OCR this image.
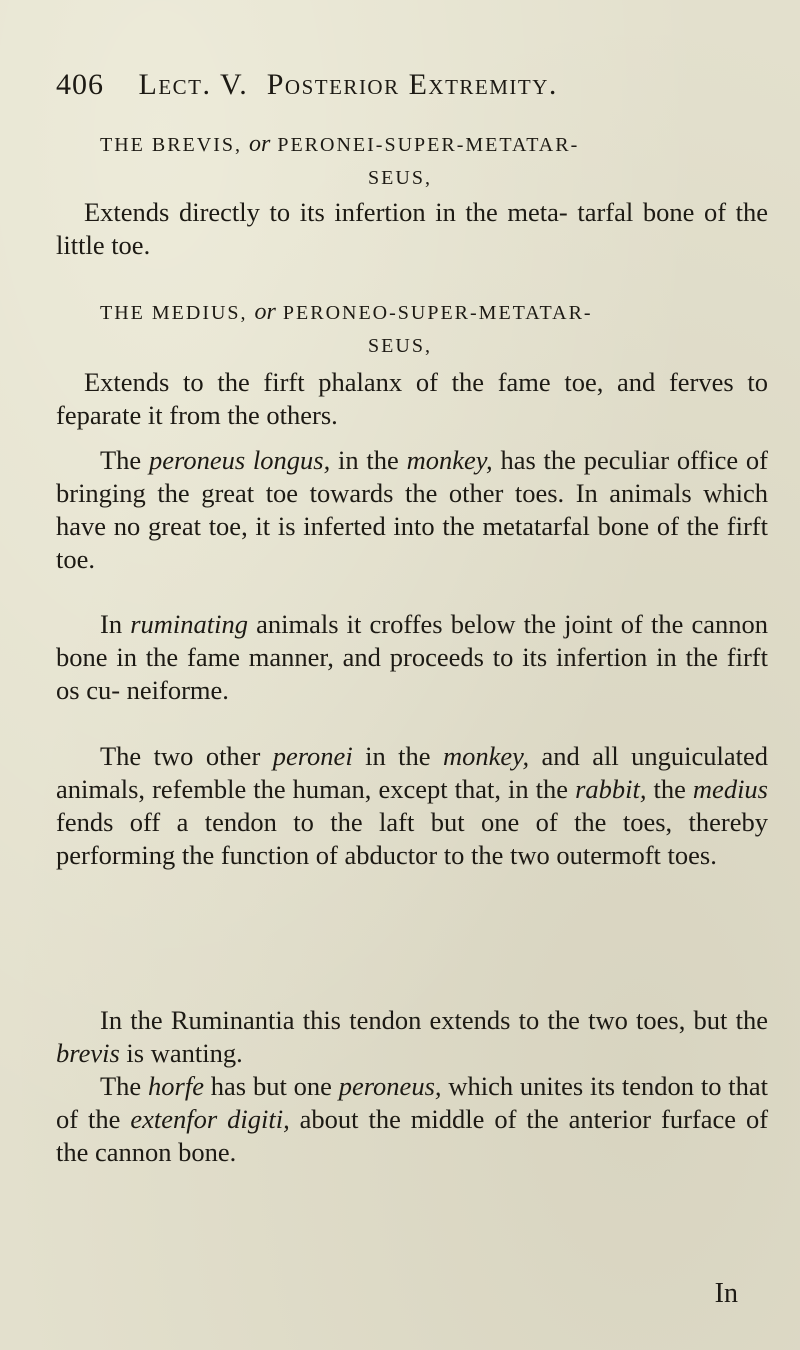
406 Lect. V. Posterior Extremity.
THE BREVIS, or PERONEI-SUPER-METATAR-
SEUS,
Extends directly to its infertion in the meta- tarfal bone of the little toe.
THE MEDIUS, or PERONEO-SUPER-METATAR-
SEUS,
Extends to the firft phalanx of the fame toe, and ferves to feparate it from the others.
The peroneus longus, in the monkey, has the peculiar office of bringing the great toe towards the other toes. In animals which have no great toe, it is inferted into the metatarfal bone of the firft toe.
In ruminating animals it croffes below the joint of the cannon bone in the fame manner, and proceeds to its infertion in the firft os cu- neiforme.
The two other peronei in the monkey, and all unguiculated animals, refemble the human, except that, in the rabbit, the medius fends off a tendon to the laft but one of the toes, thereby performing the function of abductor to the two outermoft toes.
In the Ruminantia this tendon extends to the two toes, but the brevis is wanting.
The horfe has but one peroneus, which unites its tendon to that of the extenfor digiti, about the middle of the anterior furface of the cannon bone.
In
